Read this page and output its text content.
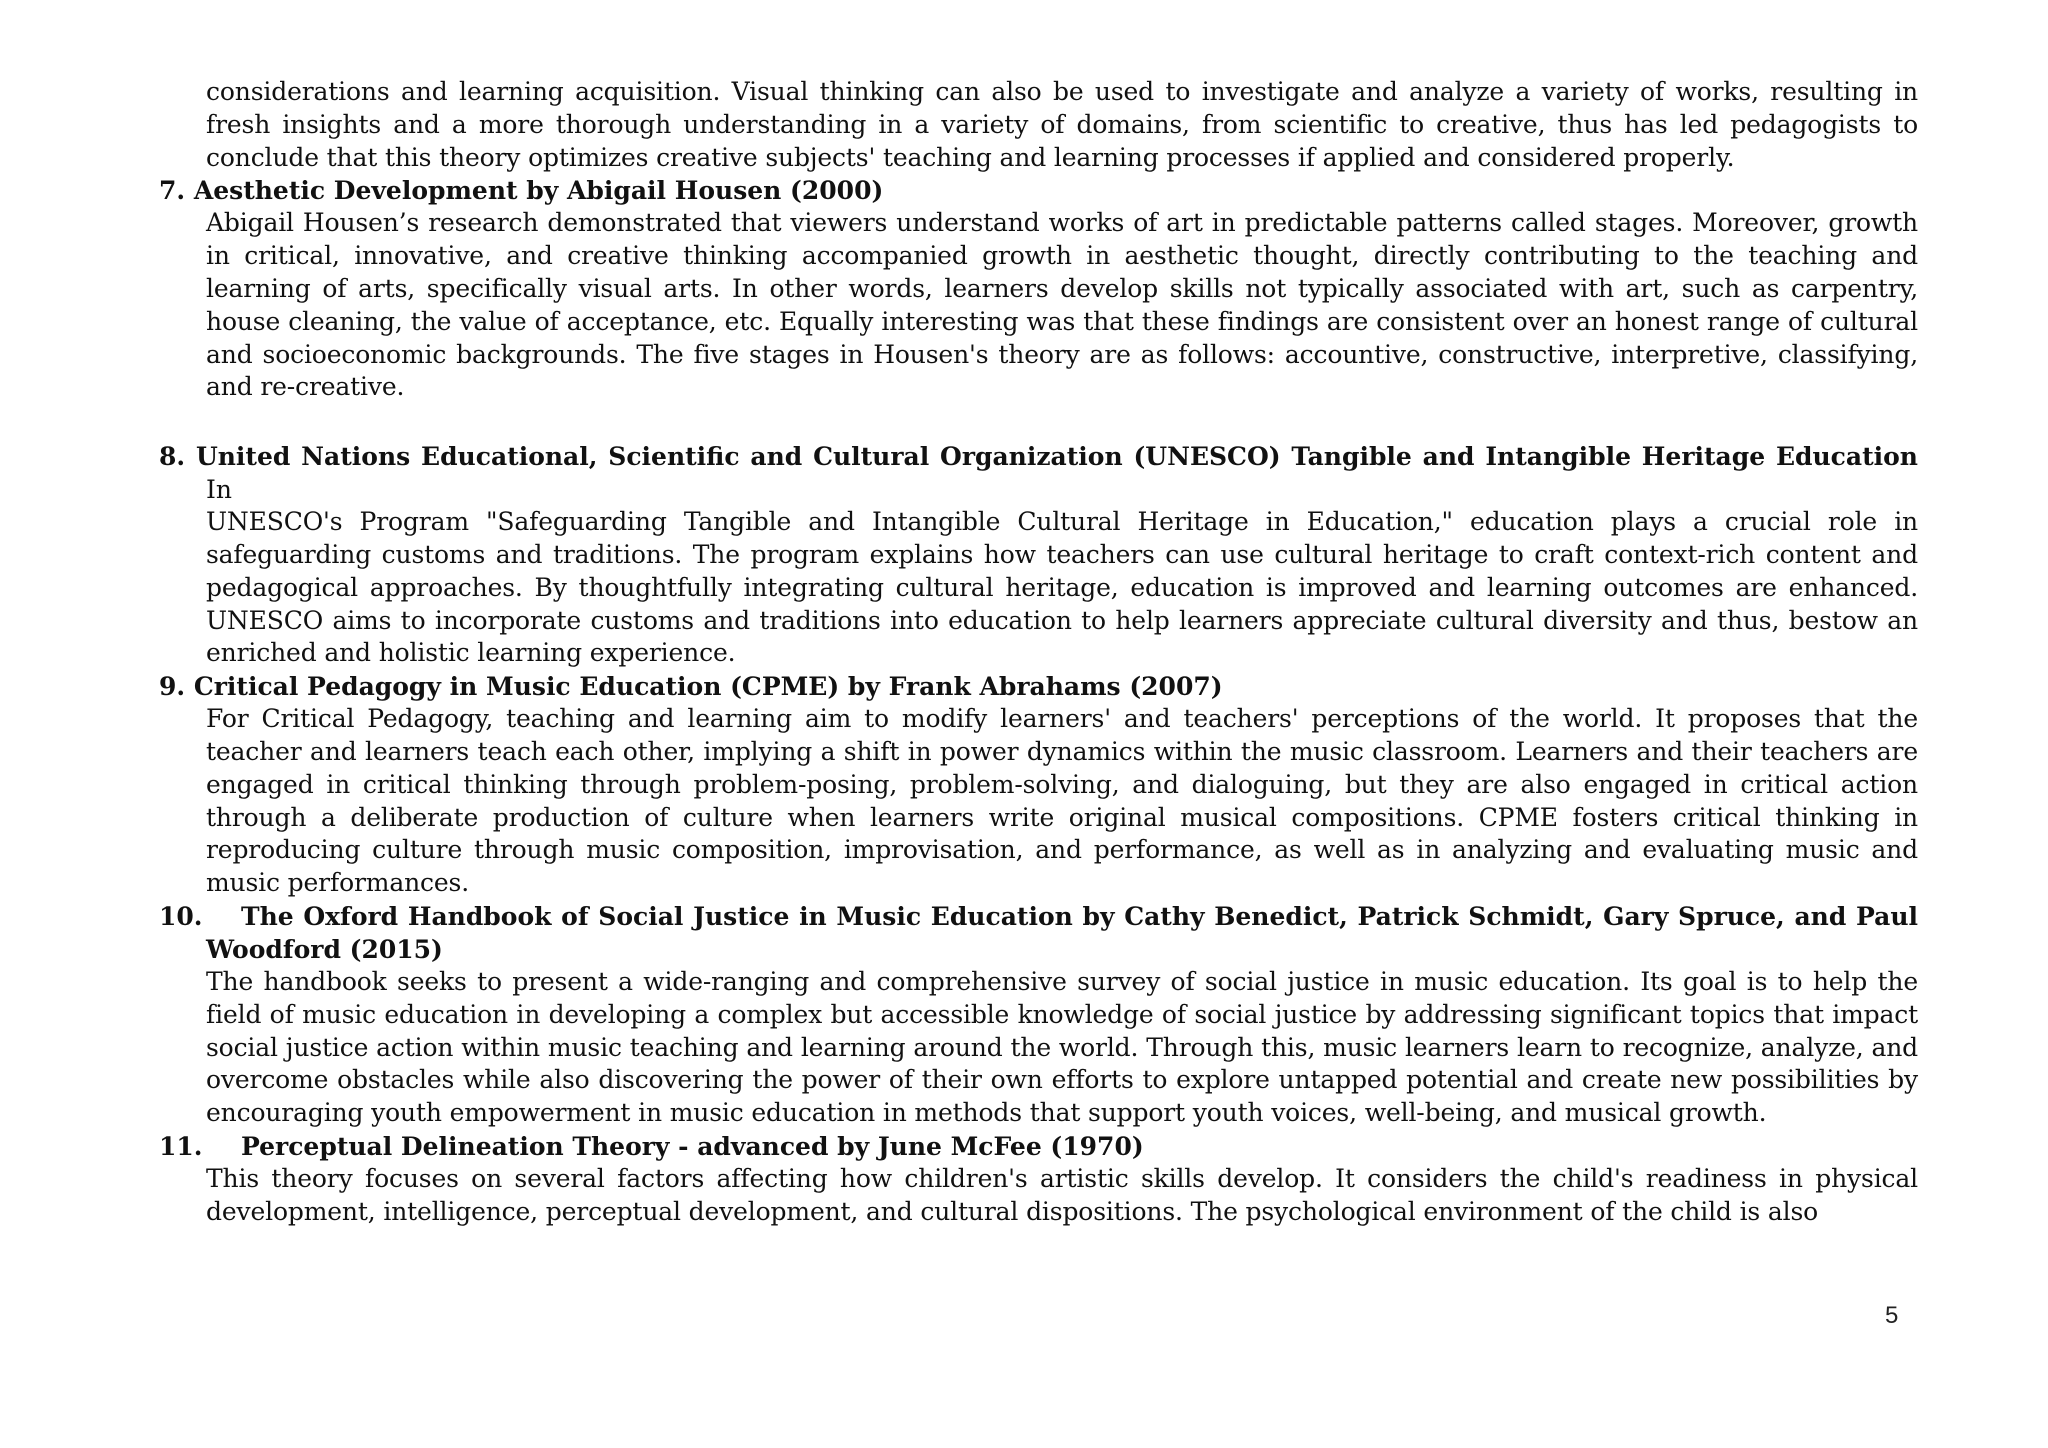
considerations and learning acquisition. Visual thinking can also be used to investigate and analyze a variety of works, resulting in fresh insights and a more thorough understanding in a variety of domains, from scientific to creative, thus has led pedagogists to conclude that this theory optimizes creative subjects' teaching and learning processes if applied and considered properly.

7. Aesthetic Development by Abigail Housen (2000)

Abigail Housen’s research demonstrated that viewers understand works of art in predictable patterns called stages. Moreover, growth in critical, innovative, and creative thinking accompanied growth in aesthetic thought, directly contributing to the teaching and learning of arts, specifically visual arts. In other words, learners develop skills not typically associated with art, such as carpentry, house cleaning, the value of acceptance, etc. Equally interesting was that these findings are consistent over an honest range of cultural and socioeconomic backgrounds. The five stages in Housen's theory are as follows: accountive, constructive, interpretive, classifying, and re-creative.

8. United Nations Educational, Scientific and Cultural Organization (UNESCO) Tangible and Intangible Heritage Education In

UNESCO's Program "Safeguarding Tangible and Intangible Cultural Heritage in Education," education plays a crucial role in safeguarding customs and traditions. The program explains how teachers can use cultural heritage to craft context-rich content and pedagogical approaches. By thoughtfully integrating cultural heritage, education is improved and learning outcomes are enhanced. UNESCO aims to incorporate customs and traditions into education to help learners appreciate cultural diversity and thus, bestow an enriched and holistic learning experience.

9. Critical Pedagogy in Music Education (CPME) by Frank Abrahams (2007)

For Critical Pedagogy, teaching and learning aim to modify learners' and teachers' perceptions of the world. It proposes that the teacher and learners teach each other, implying a shift in power dynamics within the music classroom. Learners and their teachers are engaged in critical thinking through problem-posing, problem-solving, and dialoguing, but they are also engaged in critical action through a deliberate production of culture when learners write original musical compositions. CPME fosters critical thinking in reproducing culture through music composition, improvisation, and performance, as well as in analyzing and evaluating music and music performances.

10. The Oxford Handbook of Social Justice in Music Education by Cathy Benedict, Patrick Schmidt, Gary Spruce, and Paul Woodford (2015)

The handbook seeks to present a wide-ranging and comprehensive survey of social justice in music education. Its goal is to help the field of music education in developing a complex but accessible knowledge of social justice by addressing significant topics that impact social justice action within music teaching and learning around the world. Through this, music learners learn to recognize, analyze, and overcome obstacles while also discovering the power of their own efforts to explore untapped potential and create new possibilities by encouraging youth empowerment in music education in methods that support youth voices, well-being, and musical growth.

11. Perceptual Delineation Theory - advanced by June McFee (1970)

This theory focuses on several factors affecting how children's artistic skills develop. It considers the child's readiness in physical development, intelligence, perceptual development, and cultural dispositions. The psychological environment of the child is also

5
